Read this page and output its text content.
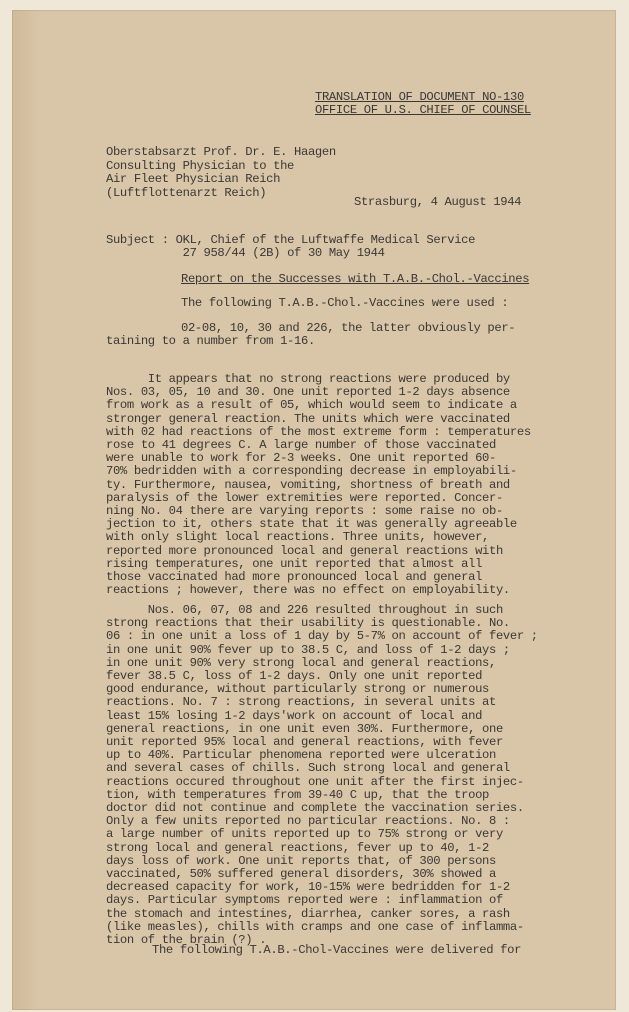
TRANSLATION OF DOCUMENT NO-130
OFFICE OF U.S. CHIEF OF COUNSEL
Oberstabsarzt Prof. Dr. E. Haagen
Consulting Physician to the
Air Fleet Physician Reich
(Luftflottenarzt Reich)
Strasburg, 4 August 1944
Subject : OKL, Chief of the Luftwaffe Medical Service
27 958/44 (2B) of 30 May 1944
Report on the Successes with T.A.B.-Chol.-Vaccines
The following T.A.B.-Chol.-Vaccines were used :
02-08, 10, 30 and 226, the latter obviously per-
taining to a number from 1-16.
It appears that no strong reactions were produced by
Nos. 03, 05, 10 and 30. One unit reported 1-2 days absence
from work as a result of 05, which would seem to indicate a
stronger general reaction. The units which were vaccinated
with 02 had reactions of the most extreme form : temperatures
rose to 41 degrees C. A large number of those vaccinated
were unable to work for 2-3 weeks. One unit reported 60-
70% bedridden with a corresponding decrease in employabili-
ty. Furthermore, nausea, vomiting, shortness of breath and
paralysis of the lower extremities were reported. Concer-
ning No. 04 there are varying reports : some raise no ob-
jection to it, others state that it was generally agreeable
with only slight local reactions. Three units, however,
reported more pronounced local and general reactions with
rising temperatures, one unit reported that almost all
those vaccinated had more pronounced local and general
reactions ; however, there was no effect on employability.
Nos. 06, 07, 08 and 226 resulted throughout in such
strong reactions that their usability is questionable. No.
06 : in one unit a loss of 1 day by 5-7% on account of fever ;
in one unit 90% fever up to 38.5 C, and loss of 1-2 days ;
in one unit 90% very strong local and general reactions,
fever 38.5 C, loss of 1-2 days. Only one unit reported
good endurance, without particularly strong or numerous
reactions. No. 7 : strong reactions, in several units at
least 15% losing 1-2 days'work on account of local and
general reactions, in one unit even 30%. Furthermore, one
unit reported 95% local and general reactions, with fever
up to 40%. Particular phenomena reported were ulceration
and several cases of chills. Such strong local and general
reactions occured throughout one unit after the first injec-
tion, with temperatures from 39-40 C up, that the troop
doctor did not continue and complete the vaccination series.
Only a few units reported no particular reactions. No. 8 :
a large number of units reported up to 75% strong or very
strong local and general reactions, fever up to 40, 1-2
days loss of work. One unit reports that, of 300 persons
vaccinated, 50% suffered general disorders, 30% showed a
decreased capacity for work, 10-15% were bedridden for 1-2
days. Particular symptoms reported were : inflammation of
the stomach and intestines, diarrhea, canker sores, a rash
(like measles), chills with cramps and one case of inflamma-
tion of the brain (?) .
The following T.A.B.-Chol-Vaccines were delivered for
